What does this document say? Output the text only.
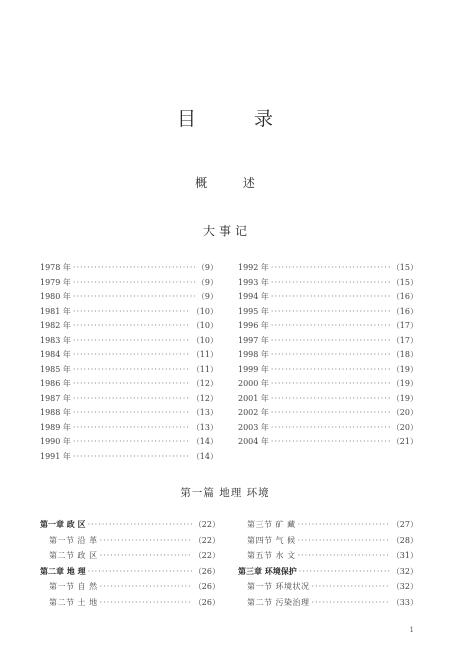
目 录
概 述
大事记
1978 年 ·····	（9）
1979 年 ·····	（9）
1980 年 ·····	（9）
1981 年 ·····	（10）
1982 年 ·····	（10）
1983 年 ·····	（10）
1984 年 ·····	（11）
1985 年 ·····	（11）
1986 年 ·····	（12）
1987 年 ·····	（12）
1988 年 ·····	（13）
1989 年 ·····	（13）
1990 年 ·····	（14）
1991 年 ·····	（14）
1992 年 ·····	（15）
1993 年 ·····	（15）
1994 年 ·····	（16）
1995 年 ·····	（16）
1996 年 ·····	（17）
1997 年 ·····	（17）
1998 年 ·····	（18）
1999 年 ·····	（19）
2000 年 ·····	（19）
2001 年 ·····	（19）
2002 年 ·····	（20）
2003 年 ·····	（20）
2004 年 ·····	（21）
第一篇 地理 环境
第一章 政 区 ·····	（22）
第一节 沿 革 ·····	（22）
第二节 政 区 ·····	（22）
第二章 地 理 ·····	（26）
第一节 自 然 ·····	（26）
第二节 土 地 ·····	（26）
第三节 矿 藏 ·····	（27）
第四节 气 候 ·····	（28）
第五节 水 文 ·····	（31）
第三章 环境保护 ·····	（32）
第一节 环境状况 ·····	（32）
第二节 污染治理 ·····	（33）
1
